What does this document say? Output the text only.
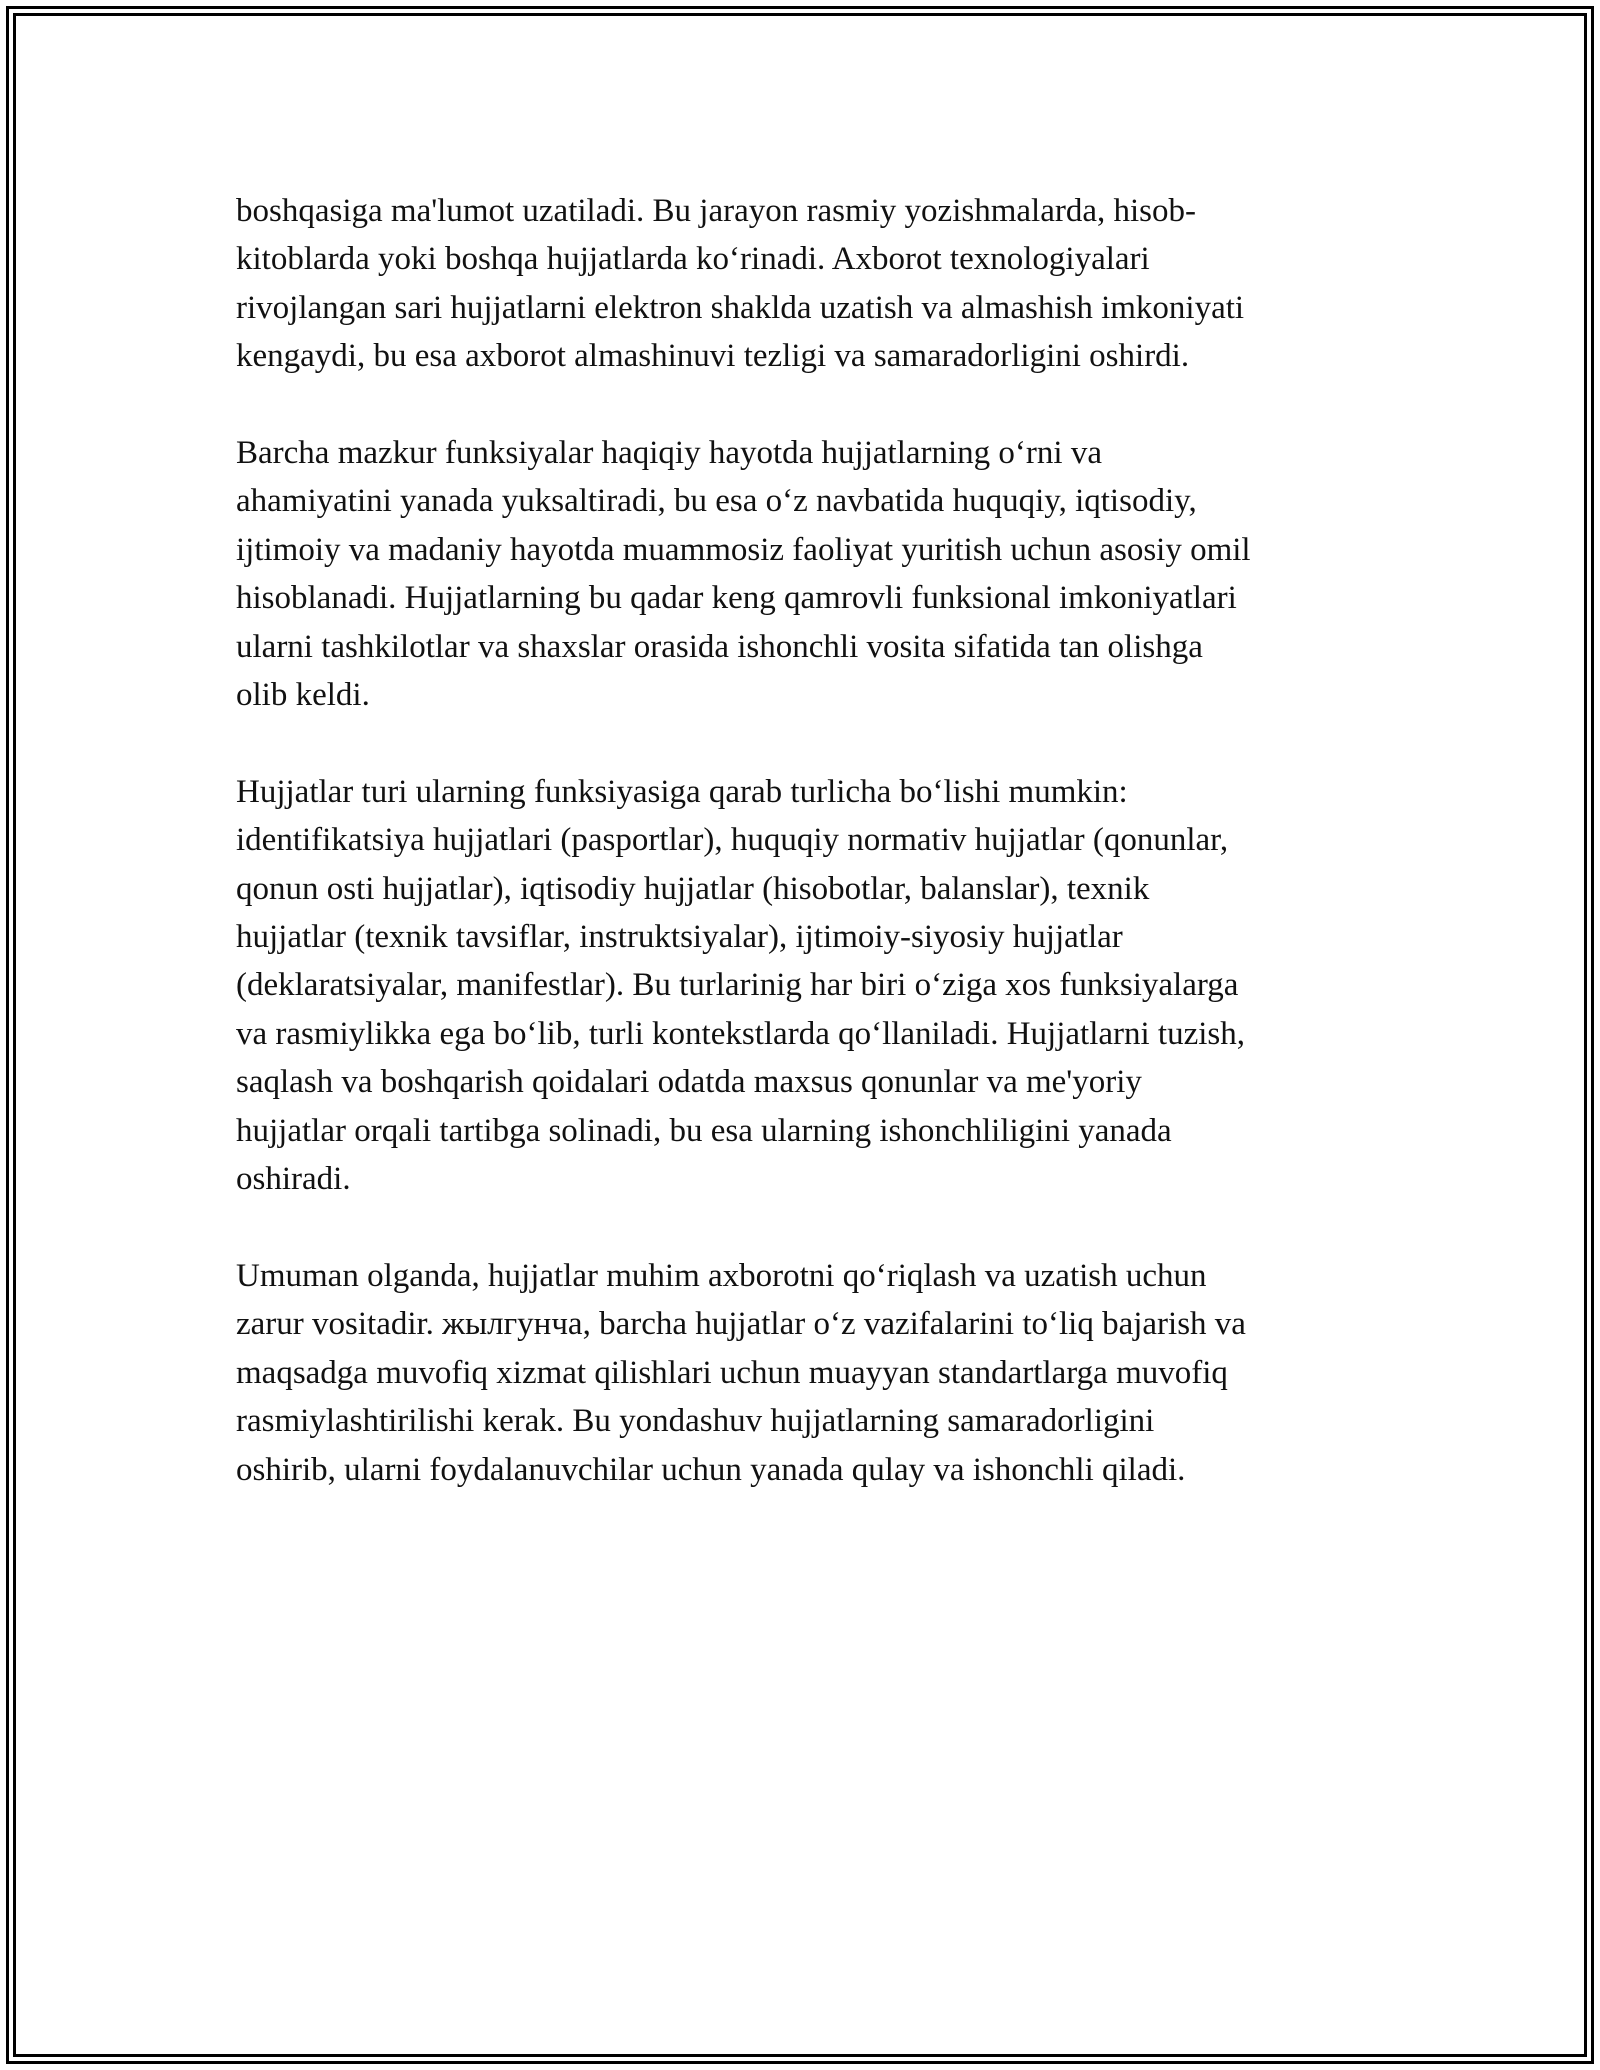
boshqasiga ma'lumot uzatiladi. Bu jarayon rasmiy yozishmalarda, hisob-
kitoblarda yoki boshqa hujjatlarda ko‘rinadi. Axborot texnologiyalari
rivojlangan sari hujjatlarni elektron shaklda uzatish va almashish imkoniyati
kengaydi, bu esa axborot almashinuvi tezligi va samaradorligini oshirdi.

Barcha mazkur funksiyalar haqiqiy hayotda hujjatlarning o‘rni va
ahamiyatini yanada yuksaltiradi, bu esa o‘z navbatida huquqiy, iqtisodiy,
ijtimoiy va madaniy hayotda muammosiz faoliyat yuritish uchun asosiy omil
hisoblanadi. Hujjatlarning bu qadar keng qamrovli funksional imkoniyatlari
ularni tashkilotlar va shaxslar orasida ishonchli vosita sifatida tan olishga
olib keldi.

Hujjatlar turi ularning funksiyasiga qarab turlicha bo‘lishi mumkin:
identifikatsiya hujjatlari (pasportlar), huquqiy normativ hujjatlar (qonunlar,
qonun osti hujjatlar), iqtisodiy hujjatlar (hisobotlar, balanslar), texnik
hujjatlar (texnik tavsiflar, instruktsiyalar), ijtimoiy-siyosiy hujjatlar
(deklaratsiyalar, manifestlar). Bu turlarinig har biri o‘ziga xos funksiyalarga
va rasmiylikka ega bo‘lib, turli kontekstlarda qo‘llaniladi. Hujjatlarni tuzish,
saqlash va boshqarish qoidalari odatda maxsus qonunlar va me'yoriy
hujjatlar orqali tartibga solinadi, bu esa ularning ishonchliligini yanada
oshiradi.

Umuman olganda, hujjatlar muhim axborotni qo‘riqlash va uzatish uchun
zarur vositadir. жылгунча, barcha hujjatlar o‘z vazifalarini to‘liq bajarish va
maqsadga muvofiq xizmat qilishlari uchun muayyan standartlarga muvofiq
rasmiylashtirilishi kerak. Bu yondashuv hujjatlarning samaradorligini
oshirib, ularni foydalanuvchilar uchun yanada qulay va ishonchli qiladi.
